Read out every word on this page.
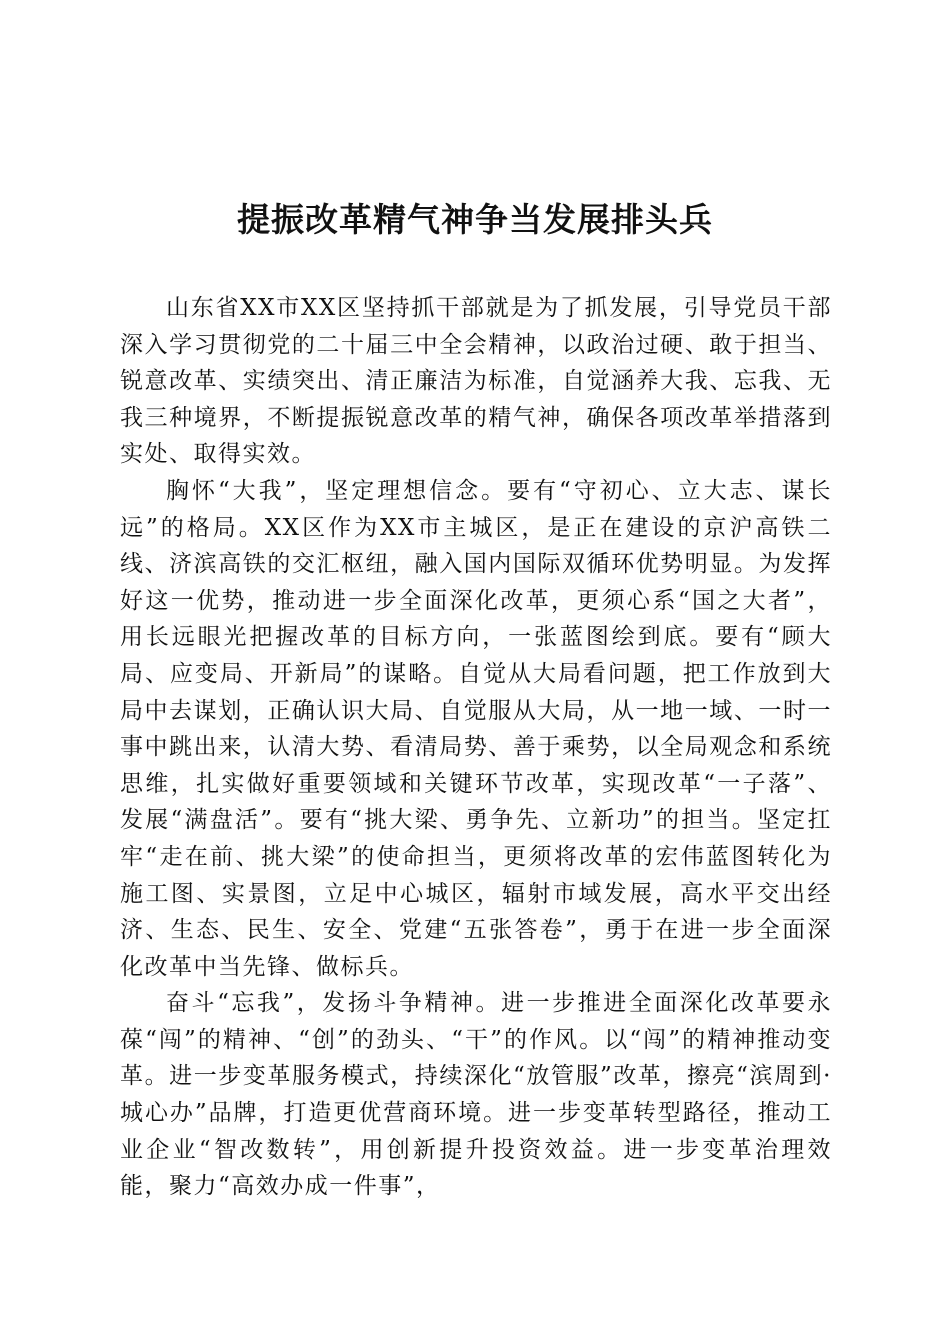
提振改革精气神争当发展排头兵

山东省XX市XX区坚持抓干部就是为了抓发展，引导党员干部深入学习贯彻党的二十届三中全会精神，以政治过硬、敢于担当、锐意改革、实绩突出、清正廉洁为标准，自觉涵养大我、忘我、无我三种境界，不断提振锐意改革的精气神，确保各项改革举措落到实处、取得实效。

胸怀“大我”，坚定理想信念。要有“守初心、立大志、谋长远”的格局。XX区作为XX市主城区，是正在建设的京沪高铁二线、济滨高铁的交汇枢纽，融入国内国际双循环优势明显。为发挥好这一优势，推动进一步全面深化改革，更须心系“国之大者”，用长远眼光把握改革的目标方向，一张蓝图绘到底。要有“顾大局、应变局、开新局”的谋略。自觉从大局看问题，把工作放到大局中去谋划，正确认识大局、自觉服从大局，从一地一域、一时一事中跳出来，认清大势、看清局势、善于乘势，以全局观念和系统思维，扎实做好重要领域和关键环节改革，实现改革“一子落”、发展“满盘活”。要有“挑大梁、勇争先、立新功”的担当。坚定扛牢“走在前、挑大梁”的使命担当，更须将改革的宏伟蓝图转化为施工图、实景图，立足中心城区，辐射市域发展，高水平交出经济、生态、民生、安全、党建“五张答卷”，勇于在进一步全面深化改革中当先锋、做标兵。

奋斗“忘我”，发扬斗争精神。进一步推进全面深化改革要永葆“闯”的精神、“创”的劲头、“干”的作风。以“闯”的精神推动变革。进一步变革服务模式，持续深化“放管服”改革，擦亮“滨周到·城心办”品牌，打造更优营商环境。进一步变革转型路径，推动工业企业“智改数转”，用创新提升投资效益。进一步变革治理效能，聚力“高效办成一件事”，
